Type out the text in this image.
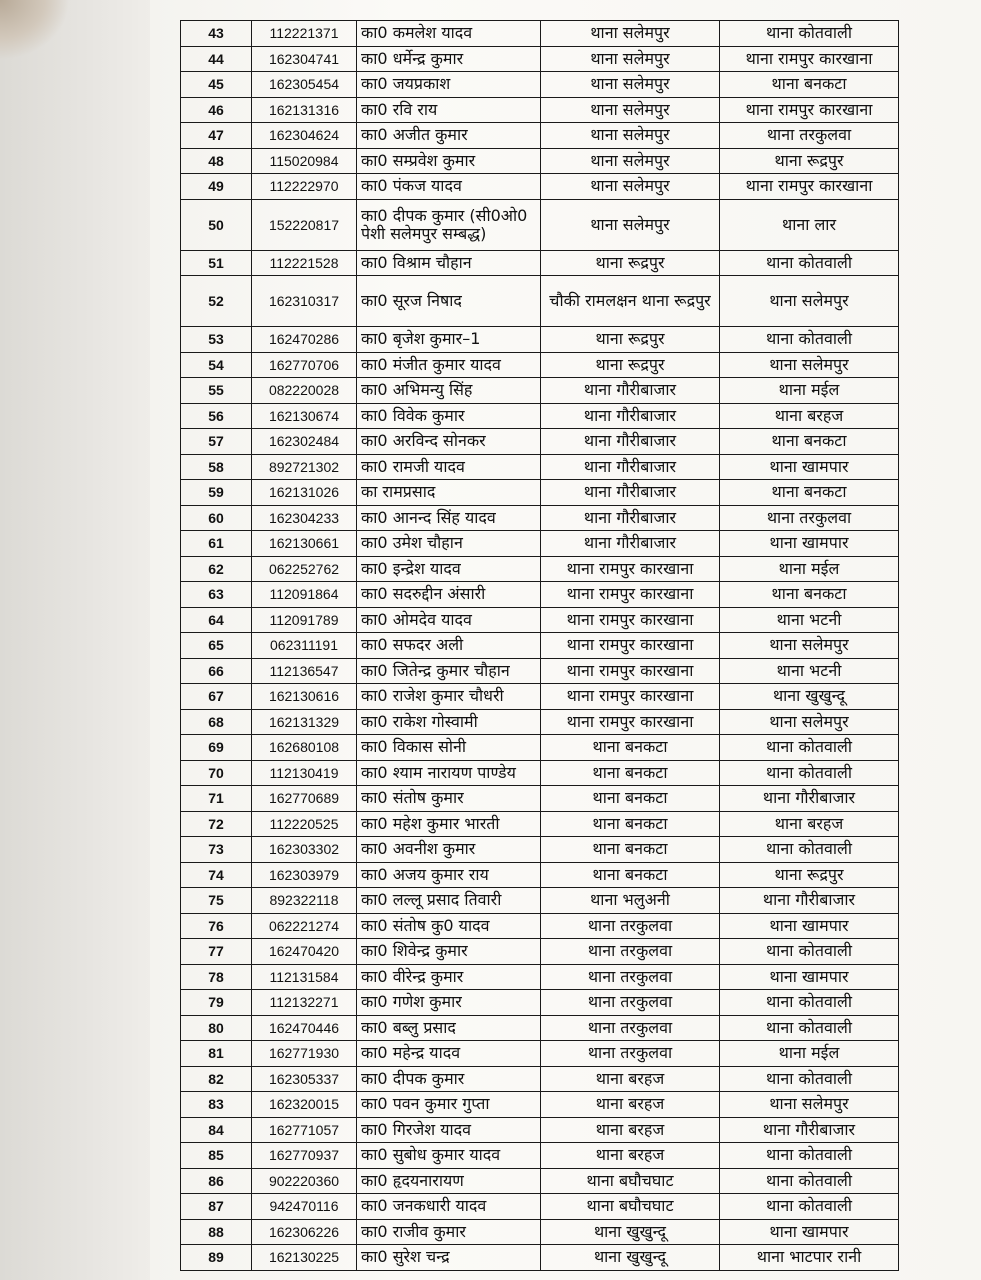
43	112221371	का0 कमलेश यादव	थाना सलेमपुर	थाना कोतवाली
44	162304741	का0 धर्मेन्द्र कुमार	थाना सलेमपुर	थाना रामपुर कारखाना
45	162305454	का0 जयप्रकाश	थाना सलेमपुर	थाना बनकटा
46	162131316	का0 रवि राय	थाना सलेमपुर	थाना रामपुर कारखाना
47	162304624	का0 अजीत कुमार	थाना सलेमपुर	थाना तरकुलवा
48	115020984	का0 सम्प्रवेश कुमार	थाना सलेमपुर	थाना रूद्रपुर
49	112222970	का0 पंकज यादव	थाना सलेमपुर	थाना रामपुर कारखाना
50	152220817	का0 दीपक कुमार (सी0ओ0 पेशी सलेमपुर सम्बद्ध)	थाना सलेमपुर	थाना लार
51	112221528	का0 विश्राम चौहान	थाना रूद्रपुर	थाना कोतवाली
52	162310317	का0 सूरज निषाद	चौकी रामलक्षन थाना रूद्रपुर	थाना सलेमपुर
53	162470286	का0 बृजेश कुमार–1	थाना रूद्रपुर	थाना कोतवाली
54	162770706	का0 मंजीत कुमार यादव	थाना रूद्रपुर	थाना सलेमपुर
55	082220028	का0 अभिमन्यु सिंह	थाना गौरीबाजार	थाना मईल
56	162130674	का0 विवेक कुमार	थाना गौरीबाजार	थाना बरहज
57	162302484	का0 अरविन्द सोनकर	थाना गौरीबाजार	थाना बनकटा
58	892721302	का0 रामजी यादव	थाना गौरीबाजार	थाना खामपार
59	162131026	का रामप्रसाद	थाना गौरीबाजार	थाना बनकटा
60	162304233	का0 आनन्द सिंह यादव	थाना गौरीबाजार	थाना तरकुलवा
61	162130661	का0 उमेश चौहान	थाना गौरीबाजार	थाना खामपार
62	062252762	का0 इन्द्रेश यादव	थाना रामपुर कारखाना	थाना मईल
63	112091864	का0 सदरुद्दीन अंसारी	थाना रामपुर कारखाना	थाना बनकटा
64	112091789	का0 ओमदेव यादव	थाना रामपुर कारखाना	थाना भटनी
65	062311191	का0 सफदर अली	थाना रामपुर कारखाना	थाना सलेमपुर
66	112136547	का0 जितेन्द्र कुमार चौहान	थाना रामपुर कारखाना	थाना भटनी
67	162130616	का0 राजेश कुमार चौधरी	थाना रामपुर कारखाना	थाना खुखुन्दू
68	162131329	का0 राकेश गोस्वामी	थाना रामपुर कारखाना	थाना सलेमपुर
69	162680108	का0 विकास सोनी	थाना बनकटा	थाना कोतवाली
70	112130419	का0 श्याम नारायण पाण्डेय	थाना बनकटा	थाना कोतवाली
71	162770689	का0 संतोष कुमार	थाना बनकटा	थाना गौरीबाजार
72	112220525	का0 महेश कुमार भारती	थाना बनकटा	थाना बरहज
73	162303302	का0 अवनीश कुमार	थाना बनकटा	थाना कोतवाली
74	162303979	का0 अजय कुमार राय	थाना बनकटा	थाना रूद्रपुर
75	892322118	का0 लल्लू प्रसाद तिवारी	थाना भलुअनी	थाना गौरीबाजार
76	062221274	का0 संतोष कु0 यादव	थाना तरकुलवा	थाना खामपार
77	162470420	का0 शिवेन्द्र कुमार	थाना तरकुलवा	थाना कोतवाली
78	112131584	का0 वीरेन्द्र कुमार	थाना तरकुलवा	थाना खामपार
79	112132271	का0 गणेश कुमार	थाना तरकुलवा	थाना कोतवाली
80	162470446	का0 बब्लु प्रसाद	थाना तरकुलवा	थाना कोतवाली
81	162771930	का0 महेन्द्र यादव	थाना तरकुलवा	थाना मईल
82	162305337	का0 दीपक कुमार	थाना बरहज	थाना कोतवाली
83	162320015	का0 पवन कुमार गुप्ता	थाना बरहज	थाना सलेमपुर
84	162771057	का0 गिरजेश यादव	थाना बरहज	थाना गौरीबाजार
85	162770937	का0 सुबोध कुमार यादव	थाना बरहज	थाना कोतवाली
86	902220360	का0 हृदयनारायण	थाना बघौचघाट	थाना कोतवाली
87	942470116	का0 जनकधारी यादव	थाना बघौचघाट	थाना कोतवाली
88	162306226	का0 राजीव कुमार	थाना खुखुन्दू	थाना खामपार
89	162130225	का0 सुरेश चन्द्र	थाना खुखुन्दू	थाना भाटपार रानी
